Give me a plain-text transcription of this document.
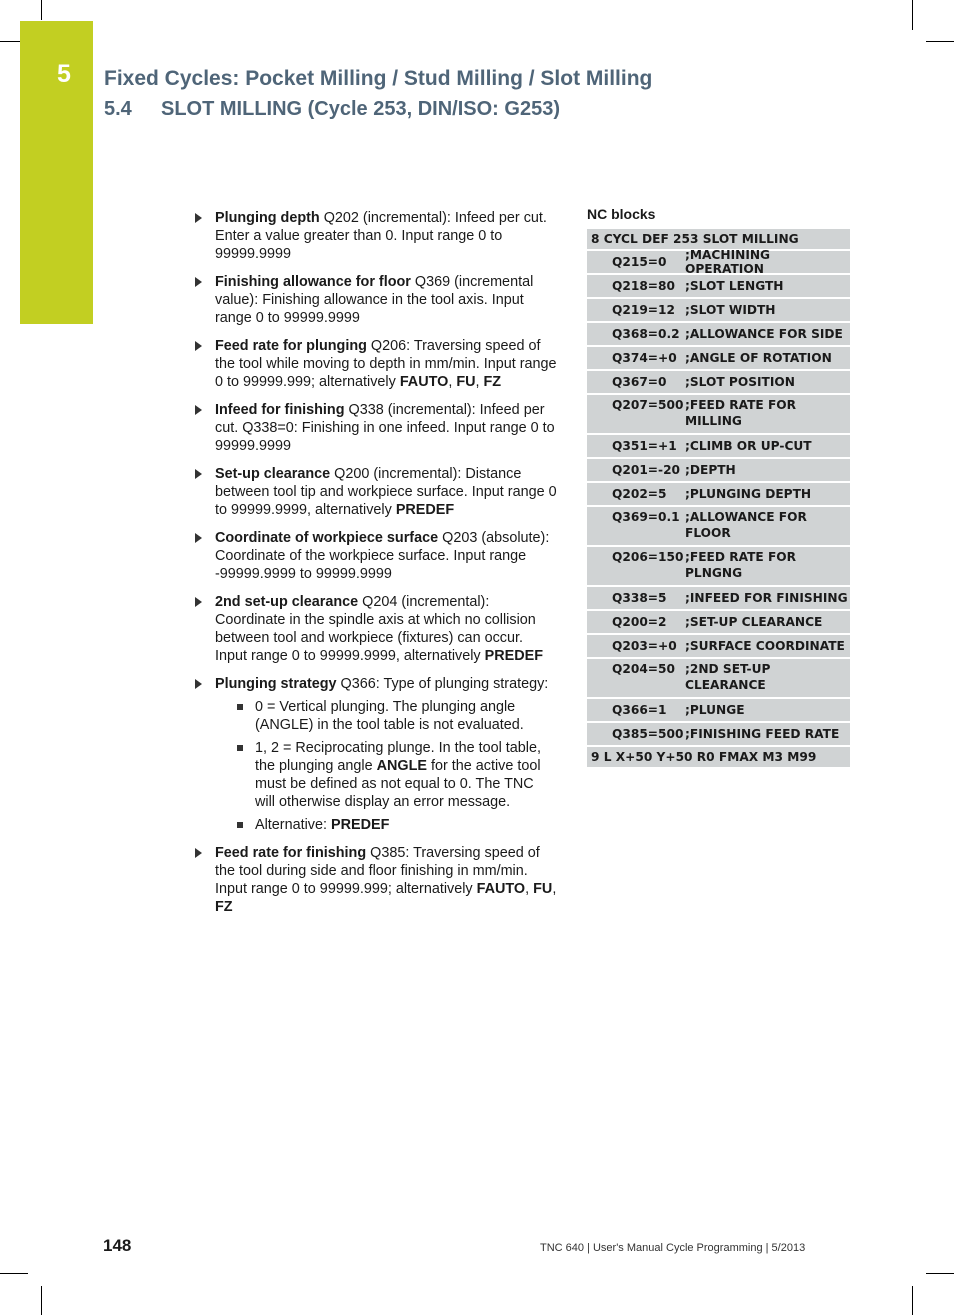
5 Fixed Cycles: Pocket Milling / Stud Milling / Slot Milling
5.4 SLOT MILLING (Cycle 253, DIN/ISO: G253)
Plunging depth Q202 (incremental): Infeed per cut. Enter a value greater than 0. Input range 0 to 99999.9999
Finishing allowance for floor Q369 (incremental value): Finishing allowance in the tool axis. Input range 0 to 99999.9999
Feed rate for plunging Q206: Traversing speed of the tool while moving to depth in mm/min. Input range 0 to 99999.999; alternatively FAUTO, FU, FZ
Infeed for finishing Q338 (incremental): Infeed per cut. Q338=0: Finishing in one infeed. Input range 0 to 99999.9999
Set-up clearance Q200 (incremental): Distance between tool tip and workpiece surface. Input range 0 to 99999.9999, alternatively PREDEF
Coordinate of workpiece surface Q203 (absolute): Coordinate of the workpiece surface. Input range -99999.9999 to 99999.9999
2nd set-up clearance Q204 (incremental): Coordinate in the spindle axis at which no collision between tool and workpiece (fixtures) can occur. Input range 0 to 99999.9999, alternatively PREDEF
Plunging strategy Q366: Type of plunging strategy:
0 = Vertical plunging. The plunging angle (ANGLE) in the tool table is not evaluated.
1, 2 = Reciprocating plunge. In the tool table, the plunging angle ANGLE for the active tool must be defined as not equal to 0. The TNC will otherwise display an error message.
Alternative: PREDEF
Feed rate for finishing Q385: Traversing speed of the tool during side and floor finishing in mm/min. Input range 0 to 99999.999; alternatively FAUTO, FU, FZ
NC blocks
8 CYCL DEF 253 SLOT MILLING
Q215=0	;MACHINING OPERATION
Q218=80 ;SLOT LENGTH
Q219=12 ;SLOT WIDTH
Q368=0.2 ;ALLOWANCE FOR SIDE
Q374=+0 ;ANGLE OF ROTATION
Q367=0	;SLOT POSITION
Q207=500 ;FEED RATE FOR MILLING
Q351=+1 ;CLIMB OR UP-CUT
Q201=-20 ;DEPTH
Q202=5	;PLUNGING DEPTH
Q369=0.1 ;ALLOWANCE FOR FLOOR
Q206=150 ;FEED RATE FOR PLNGNG
Q338=5	;INFEED FOR FINISHING
Q200=2	;SET-UP CLEARANCE
Q203=+0 ;SURFACE COORDINATE
Q204=50 ;2ND SET-UP CLEARANCE
Q366=1	;PLUNGE
Q385=500 ;FINISHING FEED RATE
9 L X+50 Y+50 R0 FMAX M3 M99
148	TNC 640 | User's Manual Cycle Programming | 5/2013
